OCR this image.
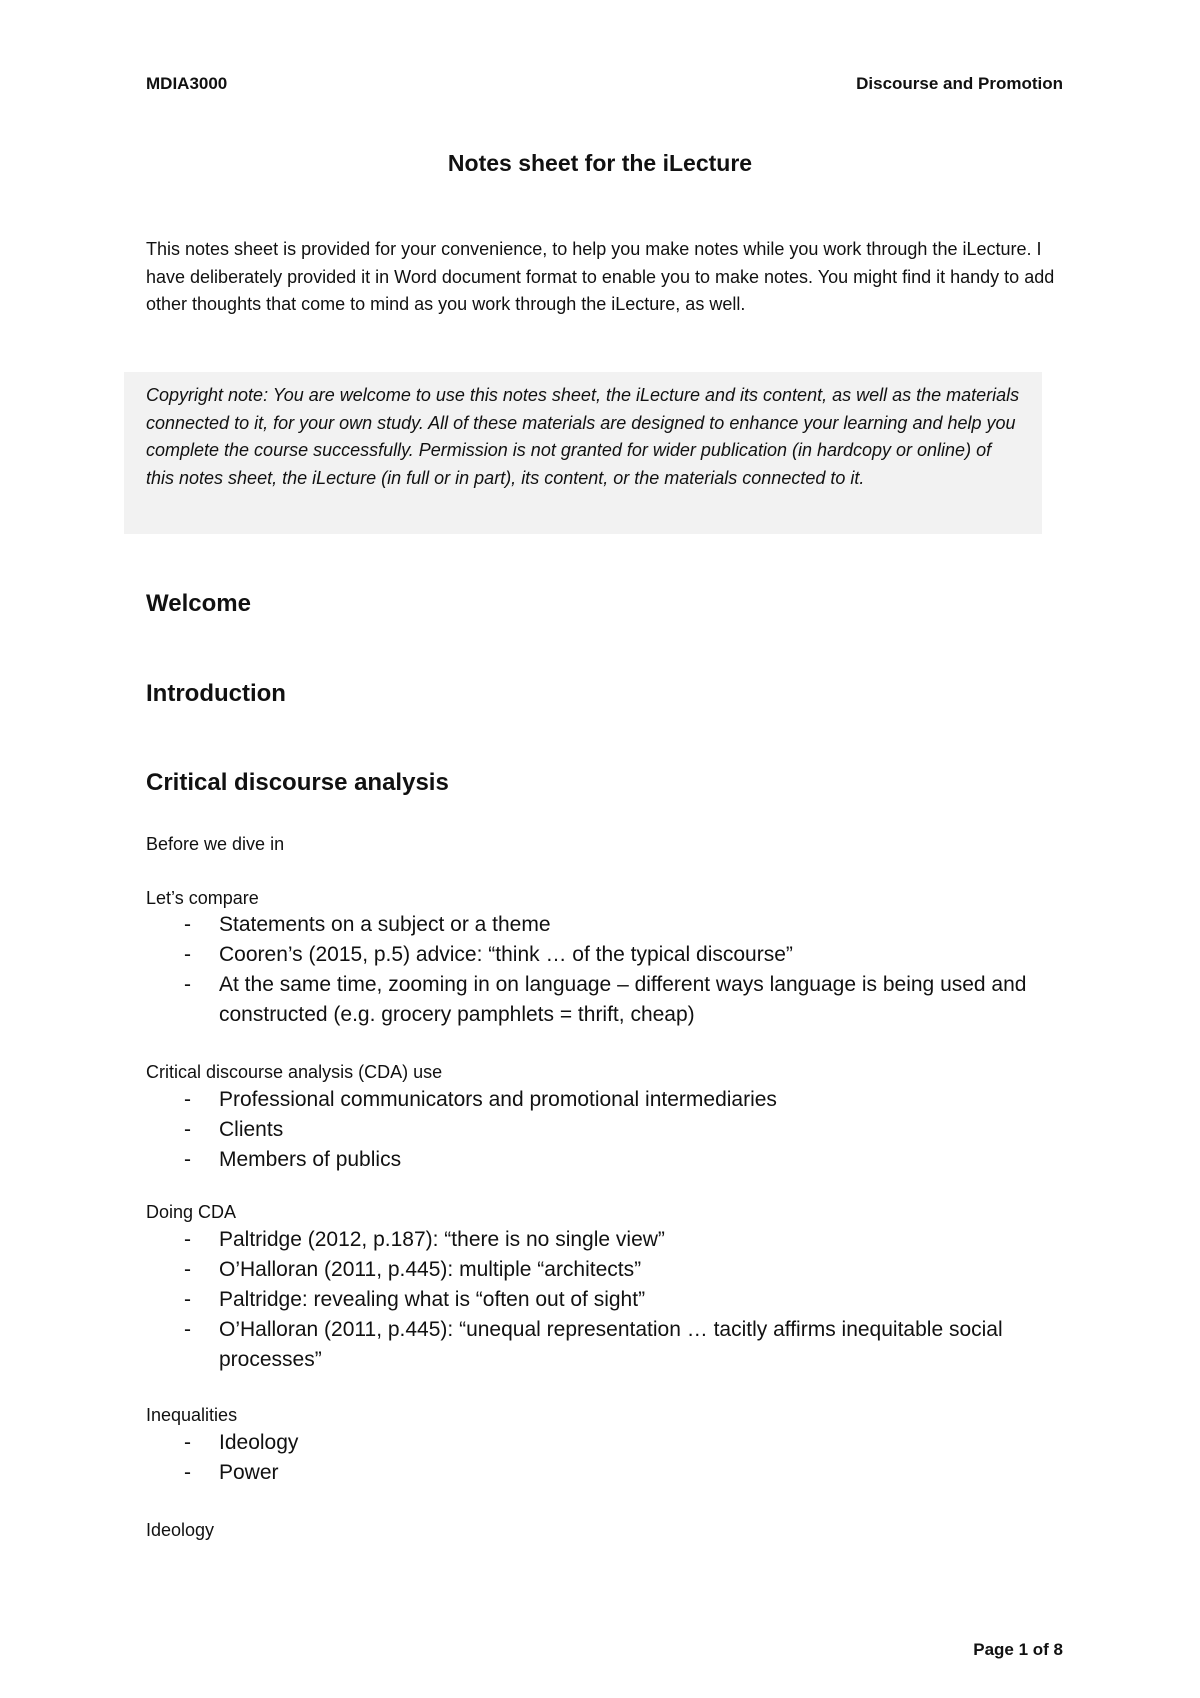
MDIA3000	Discourse and Promotion
Notes sheet for the iLecture

This notes sheet is provided for your convenience, to help you make notes while you work through the iLecture. I have deliberately provided it in Word document format to enable you to make notes. You might find it handy to add other thoughts that come to mind as you work through the iLecture, as well.

Copyright note: You are welcome to use this notes sheet, the iLecture and its content, as well as the materials connected to it, for your own study. All of these materials are designed to enhance your learning and help you complete the course successfully. Permission is not granted for wider publication (in hardcopy or online) of this notes sheet, the iLecture (in full or in part), its content, or the materials connected to it.
Welcome
Introduction
Critical discourse analysis

Before we dive in

Let’s compare

- Statements on a subject or a theme
- Cooren’s (2015, p.5) advice: “think … of the typical discourse”
- At the same time, zooming in on language – different ways language is being used and constructed (e.g. grocery pamphlets = thrift, cheap)

Critical discourse analysis (CDA) use

- Professional communicators and promotional intermediaries
- Clients
- Members of publics

Doing CDA

- Paltridge (2012, p.187): “there is no single view”
- O’Halloran (2011, p.445): multiple “architects”
- Paltridge: revealing what is “often out of sight”
- O’Halloran (2011, p.445): “unequal representation … tacitly affirms inequitable social processes”

Inequalities

- Ideology
- Power

Ideology

Page 1 of 8
